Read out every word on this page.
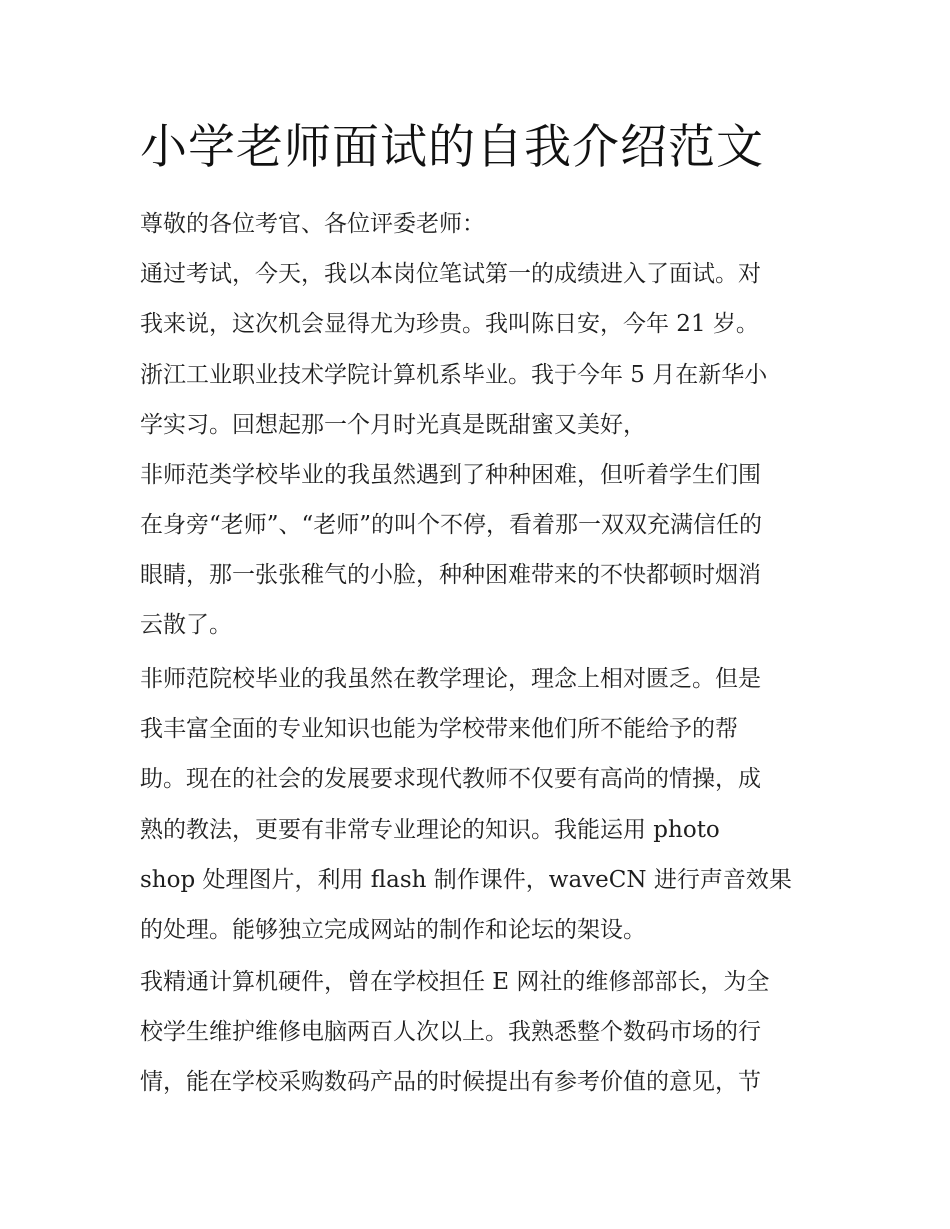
小学老师面试的自我介绍范文

尊敬的各位考官、各位评委老师：

通过考试，今天，我以本岗位笔试第一的成绩进入了面试。对

我来说，这次机会显得尤为珍贵。我叫陈日安，今年 21 岁。

浙江工业职业技术学院计算机系毕业。我于今年 5 月在新华小

学实习。回想起那一个月时光真是既甜蜜又美好，

非师范类学校毕业的我虽然遇到了种种困难，但听着学生们围

在身旁“老师”、“老师”的叫个不停，看着那一双双充满信任的

眼睛，那一张张稚气的小脸，种种困难带来的不快都顿时烟消

云散了。

非师范院校毕业的我虽然在教学理论，理念上相对匮乏。但是

我丰富全面的专业知识也能为学校带来他们所不能给予的帮

助。现在的社会的发展要求现代教师不仅要有高尚的情操，成

熟的教法，更要有非常专业理论的知识。我能运用 photo

shop 处理图片，利用 flash 制作课件，waveCN 进行声音效果

的处理。能够独立完成网站的制作和论坛的架设。

我精通计算机硬件，曾在学校担任 E 网社的维修部部长，为全

校学生维护维修电脑两百人次以上。我熟悉整个数码市场的行

情，能在学校采购数码产品的时候提出有参考价值的意见，节
